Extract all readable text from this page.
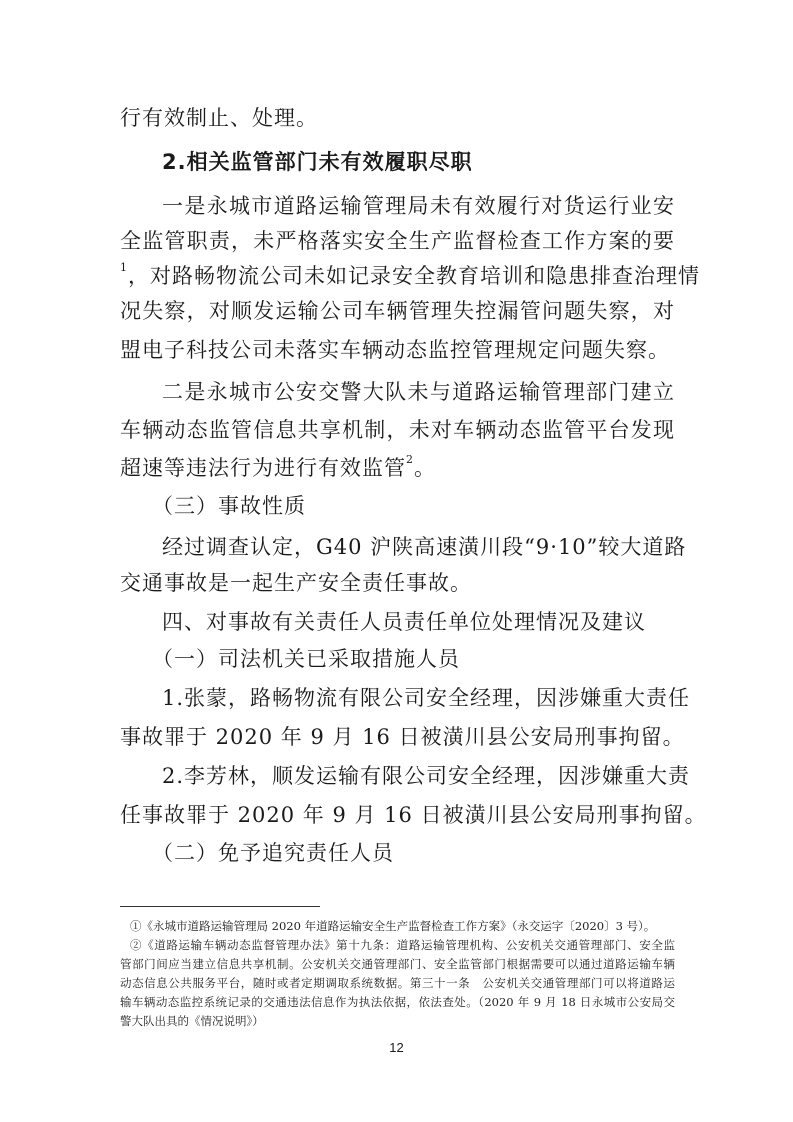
行有效制止、处理。
2.相关监管部门未有效履职尽职
一是永城市道路运输管理局未有效履行对货运行业安
全监管职责，未严格落实安全生产监督检查工作方案的要
$^1$，对路畅物流公司未如记录安全教育培训和隐患排查治理情
况失察，对顺发运输公司车辆管理失控漏管问题失察，对
盟电子科技公司未落实车辆动态监控管理规定问题失察。
二是永城市公安交警大队未与道路运输管理部门建立
车辆动态监管信息共享机制，未对车辆动态监管平台发现
超速等违法行为进行有效监管$^2$。
（三）事故性质
经过调查认定，G40 沪陕高速潢川段“9·10”较大道路
交通事故是一起生产安全责任事故。
四、对事故有关责任人员责任单位处理情况及建议
（一）司法机关已采取措施人员
1.张蒙，路畅物流有限公司安全经理，因涉嫌重大责任
事故罪于 2020 年 9 月 16 日被潢川县公安局刑事拘留。
2.李芳林，顺发运输有限公司安全经理，因涉嫌重大责
任事故罪于 2020 年 9 月 16 日被潢川县公安局刑事拘留。
（二）免予追究责任人员
①《永城市道路运输管理局 2020 年道路运输安全生产监督检查工作方案》（永交运字〔2020〕3 号）。
②《道路运输车辆动态监督管理办法》第十九条：道路运输管理机构、公安机关交通管理部门、安全监
管部门间应当建立信息共享机制。公安机关交通管理部门、安全监管部门根据需要可以通过道路运输车辆
动态信息公共服务平台，随时或者定期调取系统数据。第三十一条　公安机关交通管理部门可以将道路运
输车辆动态监控系统记录的交通违法信息作为执法依据，依法查处。（2020 年 9 月 18 日永城市公安局交
警大队出具的《情况说明》）
12
